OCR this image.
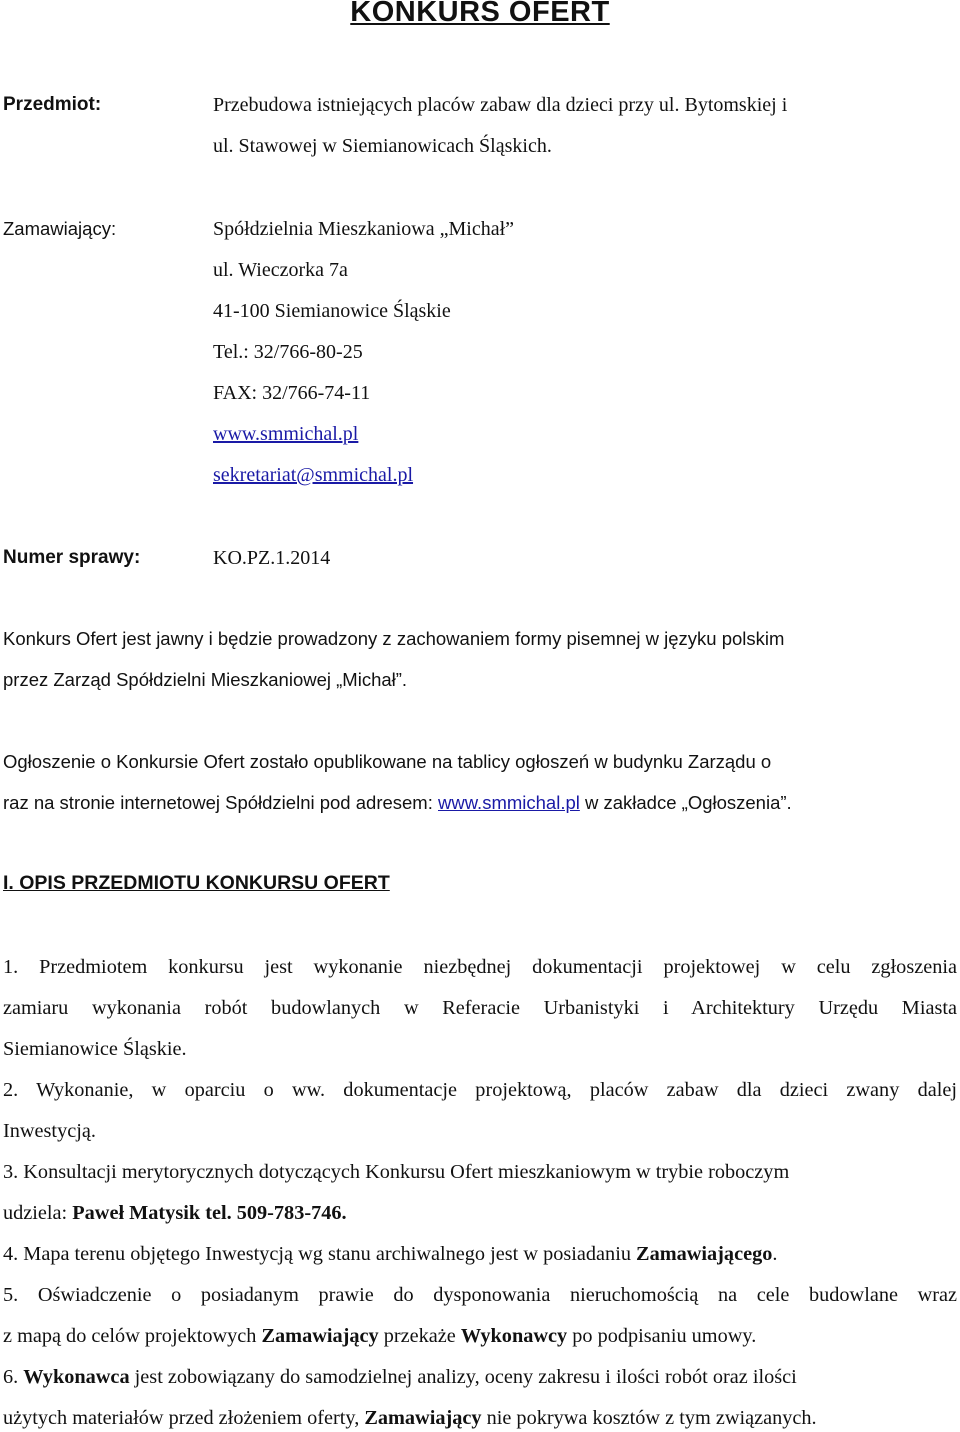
KONKURS OFERT
Przedmiot:	Przebudowa istniejących placów zabaw dla dzieci przy ul. Bytomskiej i
ul. Stawowej w Siemianowicach Śląskich.
Zamawiający:	Spółdzielnia Mieszkaniowa „Michał”
ul. Wieczorka 7a
41-100 Siemianowice Śląskie
Tel.: 32/766-80-25
FAX: 32/766-74-11
www.smmichal.pl
sekretariat@smmichal.pl
Numer sprawy:	KO.PZ.1.2014
Konkurs Ofert jest jawny i będzie prowadzony z zachowaniem formy pisemnej w języku polskim
przez Zarząd Spółdzielni Mieszkaniowej „Michał”.
Ogłoszenie o Konkursie Ofert zostało opublikowane na tablicy ogłoszeń w budynku Zarządu o
raz na stronie internetowej Spółdzielni pod adresem: www.smmichal.pl w zakładce „Ogłoszenia”.
I. OPIS PRZEDMIOTU KONKURSU OFERT
1. Przedmiotem konkursu jest wykonanie niezbędnej dokumentacji projektowej w celu zgłoszenia
zamiaru wykonania robót budowlanych w Referacie Urbanistyki i Architektury Urzędu Miasta
Siemianowice Śląskie.
2. Wykonanie, w oparciu o ww. dokumentacje projektową, placów zabaw dla dzieci zwany dalej
Inwestycją.
3. Konsultacji merytorycznych dotyczących Konkursu Ofert mieszkaniowym w trybie roboczym
udziela: Paweł Matysik tel. 509-783-746.
4. Mapa terenu objętego Inwestycją wg stanu archiwalnego jest w posiadaniu Zamawiającego.
5. Oświadczenie o posiadanym prawie do dysponowania nieruchomością na cele budowlane wraz
z mapą do celów projektowych Zamawiający przekaże Wykonawcy po podpisaniu umowy.
6. Wykonawca jest zobowiązany do samodzielnej analizy, oceny zakresu i ilości robót oraz ilości
użytych materiałów przed złożeniem oferty, Zamawiający nie pokrywa kosztów z tym związanych.
